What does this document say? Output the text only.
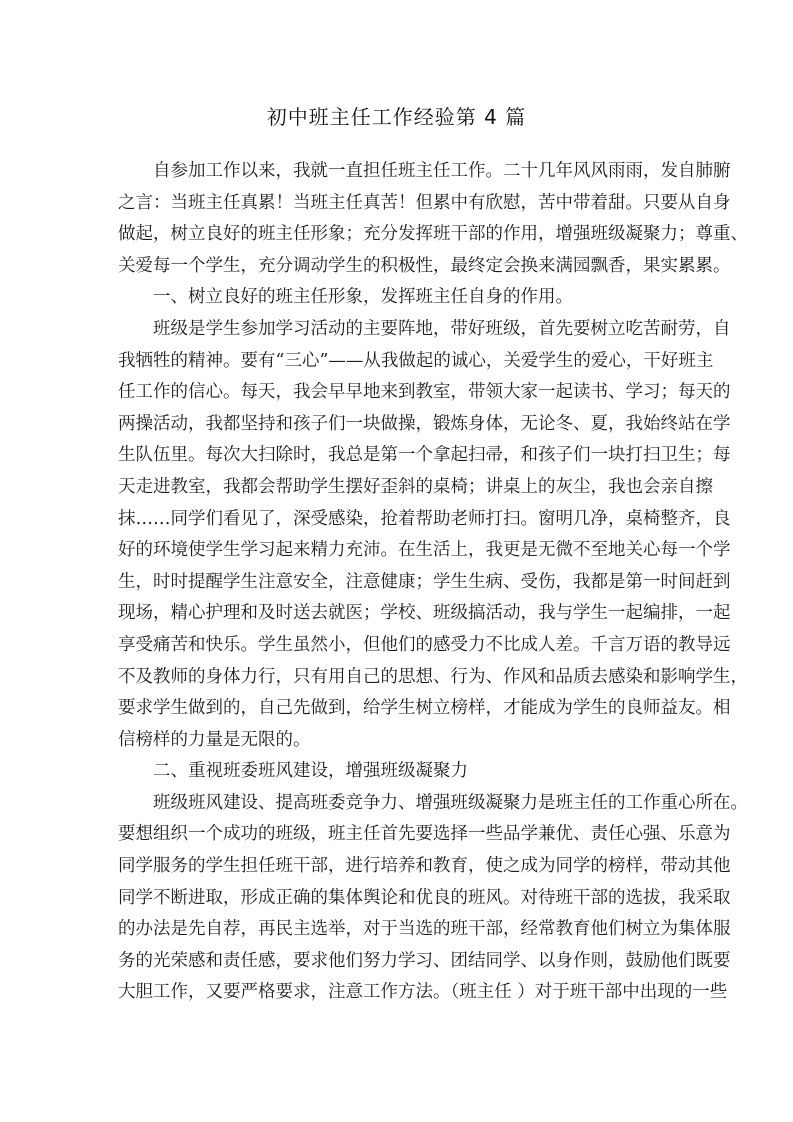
初中班主任工作经验第 4 篇
自参加工作以来，我就一直担任班主任工作。二十几年风风雨雨，发自肺腑
之言：当班主任真累！当班主任真苦！但累中有欣慰，苦中带着甜。只要从自身
做起，树立良好的班主任形象；充分发挥班干部的作用，增强班级凝聚力；尊重、
关爱每一个学生，充分调动学生的积极性，最终定会换来满园飘香，果实累累。
一、树立良好的班主任形象，发挥班主任自身的作用。
班级是学生参加学习活动的主要阵地，带好班级，首先要树立吃苦耐劳，自
我牺牲的精神。要有“三心”——从我做起的诚心，关爱学生的爱心，干好班主
任工作的信心。每天，我会早早地来到教室，带领大家一起读书、学习；每天的
两操活动，我都坚持和孩子们一块做操，锻炼身体，无论冬、夏，我始终站在学
生队伍里。每次大扫除时，我总是第一个拿起扫帚，和孩子们一块打扫卫生；每
天走进教室，我都会帮助学生摆好歪斜的桌椅；讲桌上的灰尘，我也会亲自擦
抹……同学们看见了，深受感染，抢着帮助老师打扫。窗明几净，桌椅整齐，良
好的环境使学生学习起来精力充沛。在生活上，我更是无微不至地关心每一个学
生，时时提醒学生注意安全，注意健康；学生生病、受伤，我都是第一时间赶到
现场，精心护理和及时送去就医；学校、班级搞活动，我与学生一起编排，一起
享受痛苦和快乐。学生虽然小，但他们的感受力不比成人差。千言万语的教导远
不及教师的身体力行，只有用自己的思想、行为、作风和品质去感染和影响学生，
要求学生做到的，自己先做到，给学生树立榜样，才能成为学生的良师益友。相
信榜样的力量是无限的。
二、重视班委班风建设，增强班级凝聚力
班级班风建设、提高班委竞争力、增强班级凝聚力是班主任的工作重心所在。
要想组织一个成功的班级，班主任首先要选择一些品学兼优、责任心强、乐意为
同学服务的学生担任班干部，进行培养和教育，使之成为同学的榜样，带动其他
同学不断进取，形成正确的集体舆论和优良的班风。对待班干部的选拔，我采取
的办法是先自荐，再民主选举，对于当选的班干部，经常教育他们树立为集体服
务的光荣感和责任感，要求他们努力学习、团结同学、以身作则，鼓励他们既要
大胆工作，又要严格要求，注意工作方法。（班主任 ）对于班干部中出现的一些
